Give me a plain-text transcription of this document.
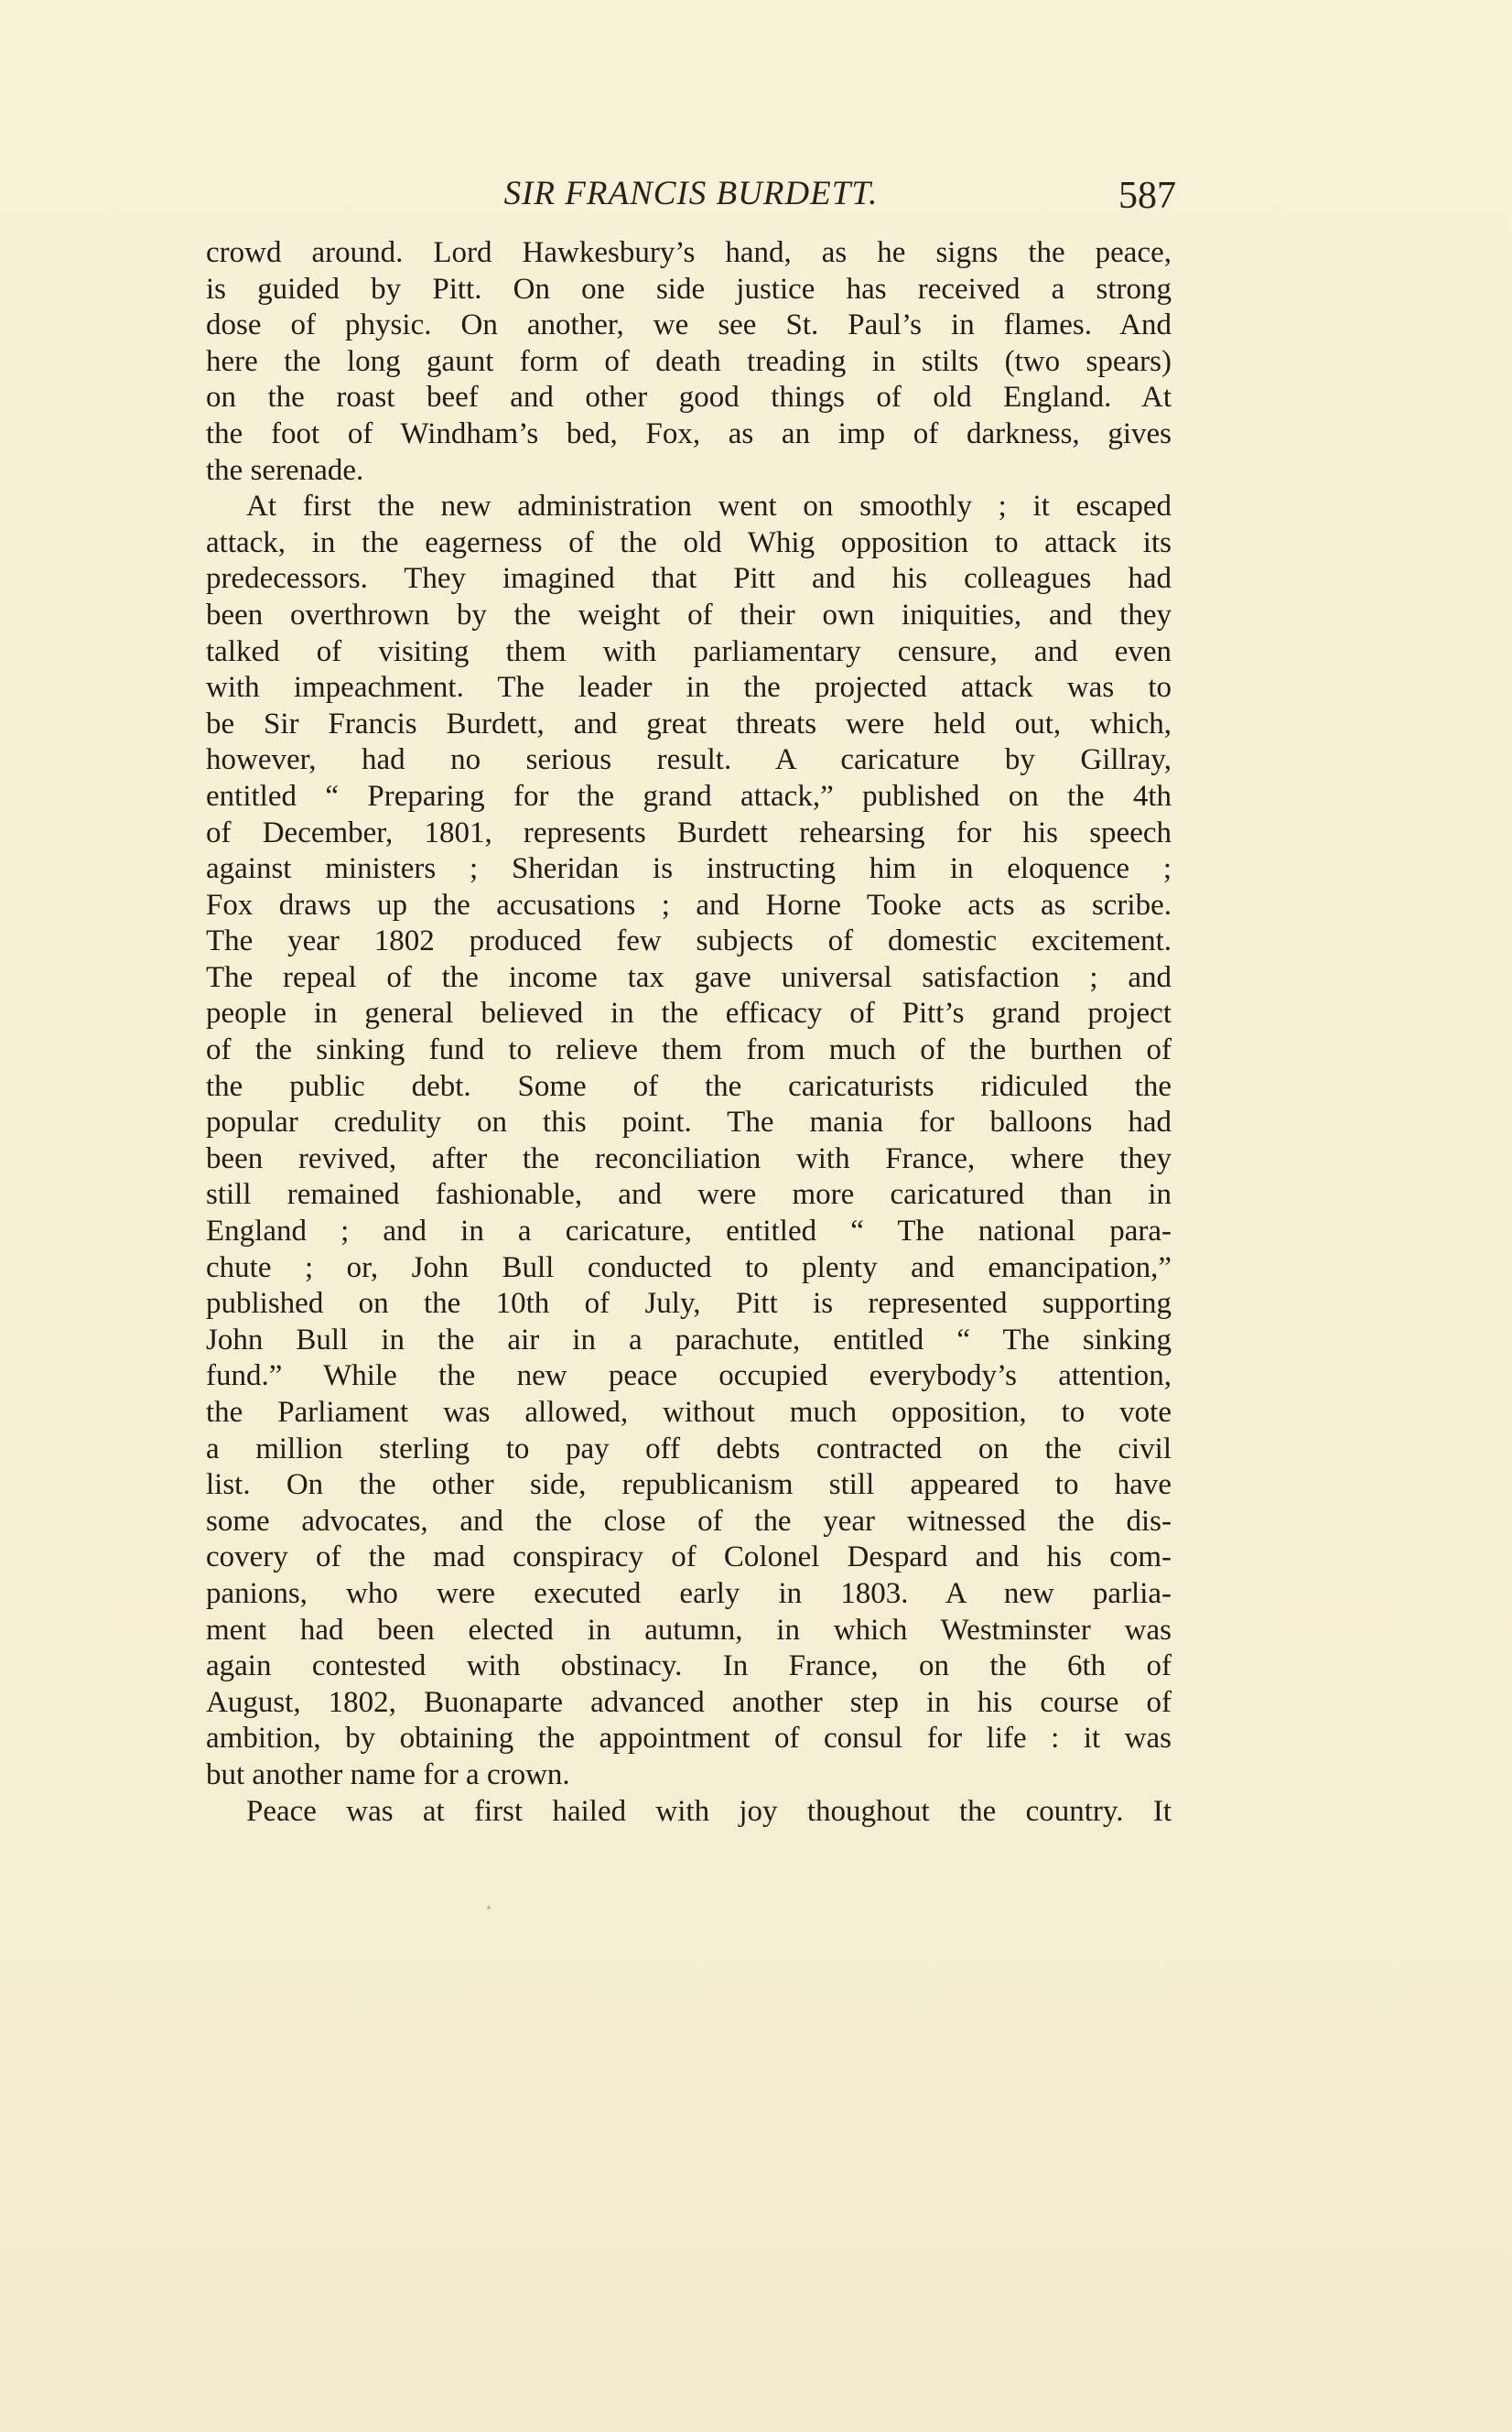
SIR FRANCIS BURDETT.	587
crowd around. Lord Hawkesbury’s hand, as he signs the peace,
is guided by Pitt. On one side justice has received a strong
dose of physic. On another, we see St. Paul’s in flames. And
here the long gaunt form of death treading in stilts (two spears)
on the roast beef and other good things of old England. At
the foot of Windham’s bed, Fox, as an imp of darkness, gives
the serenade.
At first the new administration went on smoothly ; it escaped
attack, in the eagerness of the old Whig opposition to attack its
predecessors. They imagined that Pitt and his colleagues had
been overthrown by the weight of their own iniquities, and they
talked of visiting them with parliamentary censure, and even
with impeachment. The leader in the projected attack was to
be Sir Francis Burdett, and great threats were held out, which,
however, had no serious result. A caricature by Gillray,
entitled “ Preparing for the grand attack,” published on the 4th
of December, 1801, represents Burdett rehearsing for his speech
against ministers ; Sheridan is instructing him in eloquence ;
Fox draws up the accusations ; and Horne Tooke acts as scribe.
The year 1802 produced few subjects of domestic excitement.
The repeal of the income tax gave universal satisfaction ; and
people in general believed in the efficacy of Pitt’s grand project
of the sinking fund to relieve them from much of the burthen of
the public debt. Some of the caricaturists ridiculed the
popular credulity on this point. The mania for balloons had
been revived, after the reconciliation with France, where they
still remained fashionable, and were more caricatured than in
England ; and in a caricature, entitled “ The national para-
chute ; or, John Bull conducted to plenty and emancipation,”
published on the 10th of July, Pitt is represented supporting
John Bull in the air in a parachute, entitled “ The sinking
fund.” While the new peace occupied everybody’s attention,
the Parliament was allowed, without much opposition, to vote
a million sterling to pay off debts contracted on the civil
list. On the other side, republicanism still appeared to have
some advocates, and the close of the year witnessed the dis-
covery of the mad conspiracy of Colonel Despard and his com-
panions, who were executed early in 1803. A new parlia-
ment had been elected in autumn, in which Westminster was
again contested with obstinacy. In France, on the 6th of
August, 1802, Buonaparte advanced another step in his course of
ambition, by obtaining the appointment of consul for life : it was
but another name for a crown.
Peace was at first hailed with joy thoughout the country. It
